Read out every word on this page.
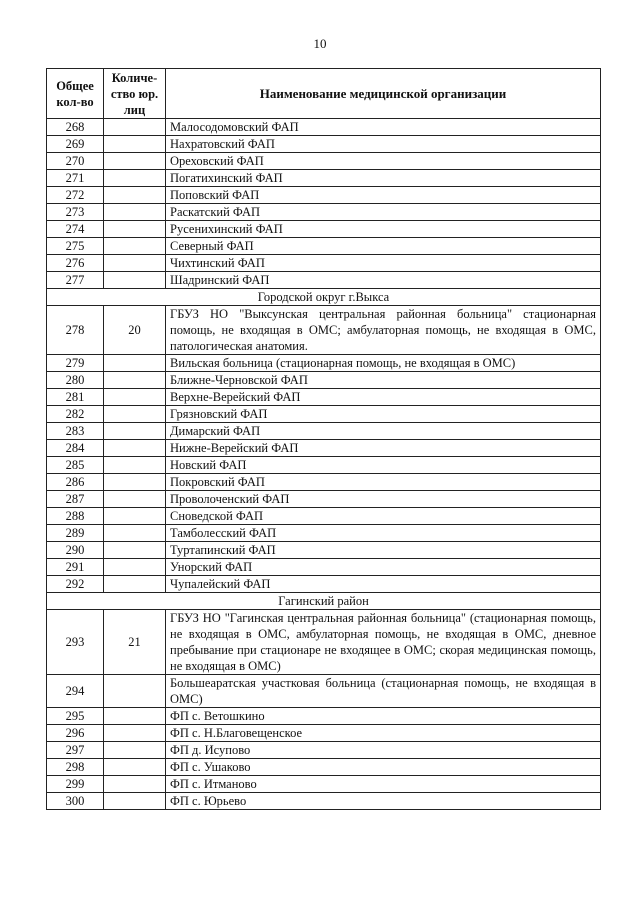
10
Общее кол-во	Количе-ство юр. лиц	Наименование медицинской организации
268		Малосодомовский ФАП
269		Нахратовский ФАП
270		Ореховский ФАП
271		Погатихинский ФАП
272		Поповский ФАП
273		Раскатский ФАП
274		Русенихинский ФАП
275		Северный ФАП
276		Чихтинский ФАП
277		Шадринский ФАП
Городской округ г.Выкса		
278	20	ГБУЗ НО "Выксунская центральная районная больница" стационарная помощь, не входящая в ОМС; амбулаторная помощь, не входящая в ОМС, патологическая анатомия.
279		Вильская больница (стационарная помощь, не входящая в ОМС)
280		Ближне-Черновской ФАП
281		Верхне-Верейский ФАП
282		Грязновский ФАП
283		Димарский ФАП
284		Нижне-Верейский ФАП
285		Новский ФАП
286		Покровский ФАП
287		Проволоченский ФАП
288		Сноведской ФАП
289		Тамболесский ФАП
290		Туртапинский ФАП
291		Унорский ФАП
292		Чупалейский ФАП
Гагинский район		
293	21	ГБУЗ НО "Гагинская центральная районная больница" (стационарная помощь, не входящая в ОМС, амбулаторная помощь, не входящая в ОМС, дневное пребывание при стационаре не входящее в ОМС; скорая медицинская помощь, не входящая в ОМС)
294		Большеаратская участковая больница (стационарная помощь, не входящая в ОМС)
295		ФП с. Ветошкино
296		ФП с. Н.Благовещенское
297		ФП д. Исупово
298		ФП с. Ушаково
299		ФП с. Итманово
300		ФП с. Юрьево
